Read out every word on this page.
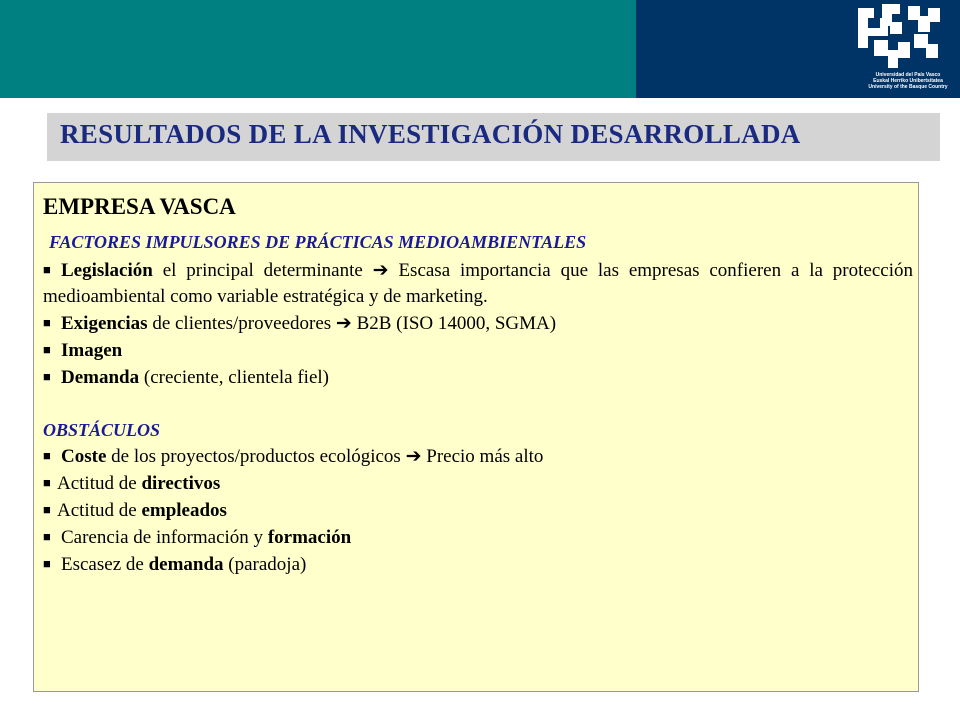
Universidad del País Vasco
Euskal Herriko Unibertsitatea
University of the Basque Country
RESULTADOS DE LA INVESTIGACIÓN DESARROLLADA
EMPRESA VASCA
FACTORES IMPULSORES DE PRÁCTICAS MEDIOAMBIENTALES
■ Legislación el principal determinante ➔ Escasa importancia que las empresas confieren a la protección medioambiental como variable estratégica y de marketing.
■ Exigencias de clientes/proveedores ➔ B2B (ISO 14000, SGMA)
■ Imagen
■ Demanda (creciente, clientela fiel)
OBSTÁCULOS
■ Coste de los proyectos/productos ecológicos ➔ Precio más alto
■ Actitud de directivos
■ Actitud de empleados
■ Carencia de información y formación
■ Escasez de demanda (paradoja)
